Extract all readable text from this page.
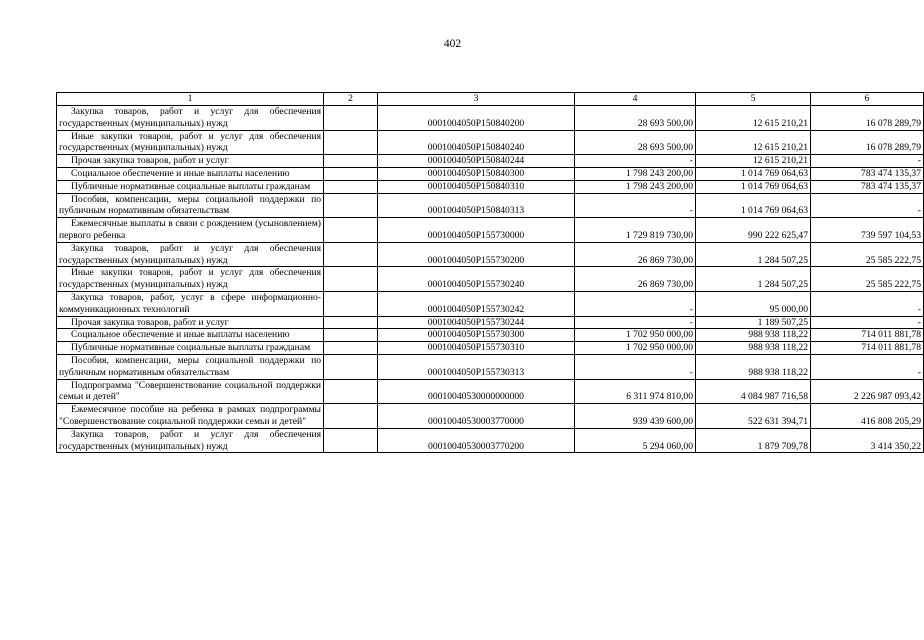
402
1	2	3	4	5	6
Закупка товаров, работ и услуг для обеспечения государственных (муниципальных) нужд		0001004050P150840200	28 693 500,00	12 615 210,21	16 078 289,79
Иные закупки товаров, работ и услуг для обеспечения государственных (муниципальных) нужд		0001004050P150840240	28 693 500,00	12 615 210,21	16 078 289,79
Прочая закупка товаров, работ и услуг		0001004050P150840244	-	12 615 210,21	-
Социальное обеспечение и иные выплаты населению		0001004050P150840300	1 798 243 200,00	1 014 769 064,63	783 474 135,37
Публичные нормативные социальные выплаты гражданам		0001004050P150840310	1 798 243 200,00	1 014 769 064,63	783 474 135,37
Пособия, компенсации, меры социальной поддержки по публичным нормативным обязательствам		0001004050P150840313	-	1 014 769 064,63	-
Ежемесячные выплаты в связи с рождением (усыновлением) первого ребенка		0001004050P155730000	1 729 819 730,00	990 222 625,47	739 597 104,53
Закупка товаров, работ и услуг для обеспечения государственных (муниципальных) нужд		0001004050P155730200	26 869 730,00	1 284 507,25	25 585 222,75
Иные закупки товаров, работ и услуг для обеспечения государственных (муниципальных) нужд		0001004050P155730240	26 869 730,00	1 284 507,25	25 585 222,75
Закупка товаров, работ, услуг в сфере информационно-коммуникационных технологий		0001004050P155730242	-	95 000,00	-
Прочая закупка товаров, работ и услуг		0001004050P155730244	-	1 189 507,25	-
Социальное обеспечение и иные выплаты населению		0001004050P155730300	1 702 950 000,00	988 938 118,22	714 011 881,78
Публичные нормативные социальные выплаты гражданам		0001004050P155730310	1 702 950 000,00	988 938 118,22	714 011 881,78
Пособия, компенсации, меры социальной поддержки по публичным нормативным обязательствам		0001004050P155730313	-	988 938 118,22	-
Подпрограмма "Совершенствование социальной поддержки семьи и детей"		00010040530000000000	6 311 974 810,00	4 084 987 716,58	2 226 987 093,42
Ежемесячное пособие на ребенка в рамках подпрограммы "Совершенствование социальной поддержки семьи и детей"		00010040530003770000	939 439 600,00	522 631 394,71	416 808 205,29
Закупка товаров, работ и услуг для обеспечения государственных (муниципальных) нужд		00010040530003770200	5 294 060,00	1 879 709,78	3 414 350,22
